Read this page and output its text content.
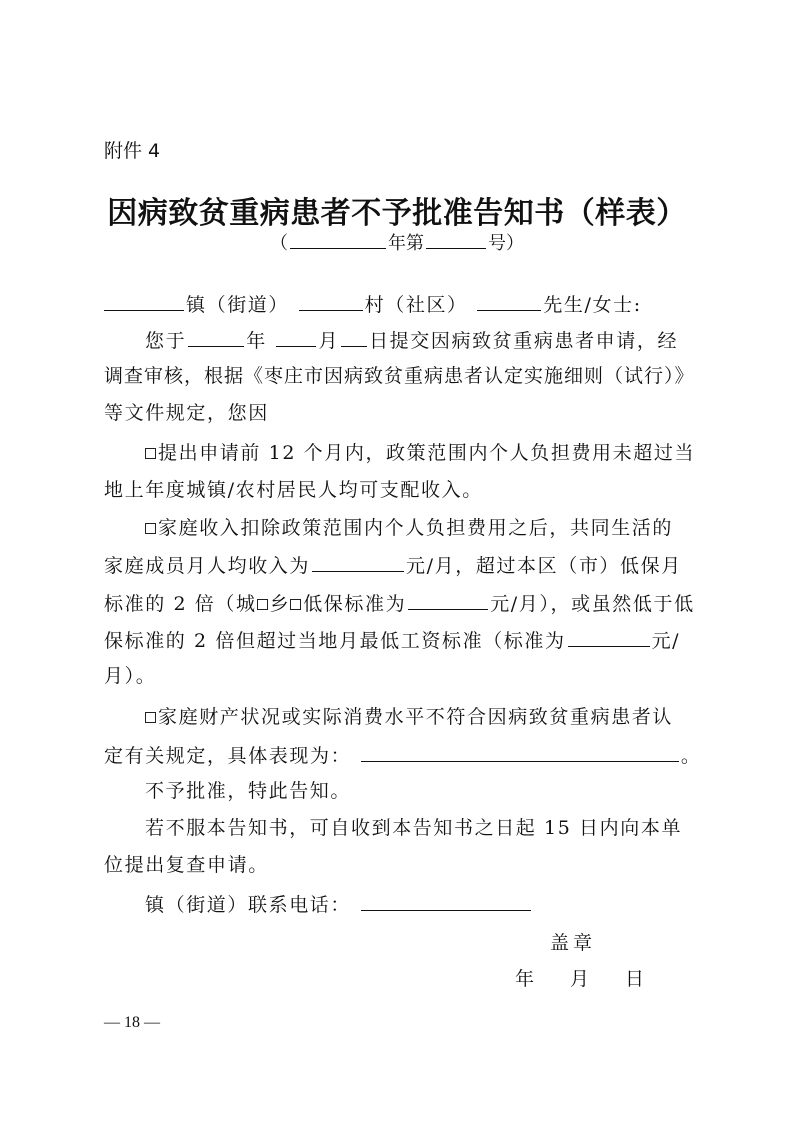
附件 4
因病致贫重病患者不予批准告知书（样表）
（	年第	号）
镇（街道）	村（社区）	先生/女士:
您于	年	月 日提交因病致贫重病患者申请，经
调查审核，根据《枣庄市因病致贫重病患者认定实施细则（试行）》
等文件规定，您因
提出申请前 12 个月内，政策范围内个人负担费用未超过当
地上年度城镇/农村居民人均可支配收入。
家庭收入扣除政策范围内个人负担费用之后，共同生活的
家庭成员月人均收入为	元/月，超过本区（市）低保月
标准的 2 倍（城 乡 低保标准为	元/月），或虽然低于低
保标准的 2 倍但超过当地月最低工资标准（标准为	元/
月）。
家庭财产状况或实际消费水平不符合因病致贫重病患者认
定有关规定，具体表现为：	。
不予批准，特此告知。
若不服本告知书，可自收到本告知书之日起 15 日内向本单
位提出复查申请。
镇（街道）联系电话：
盖章
年 月 日
— 18 —
